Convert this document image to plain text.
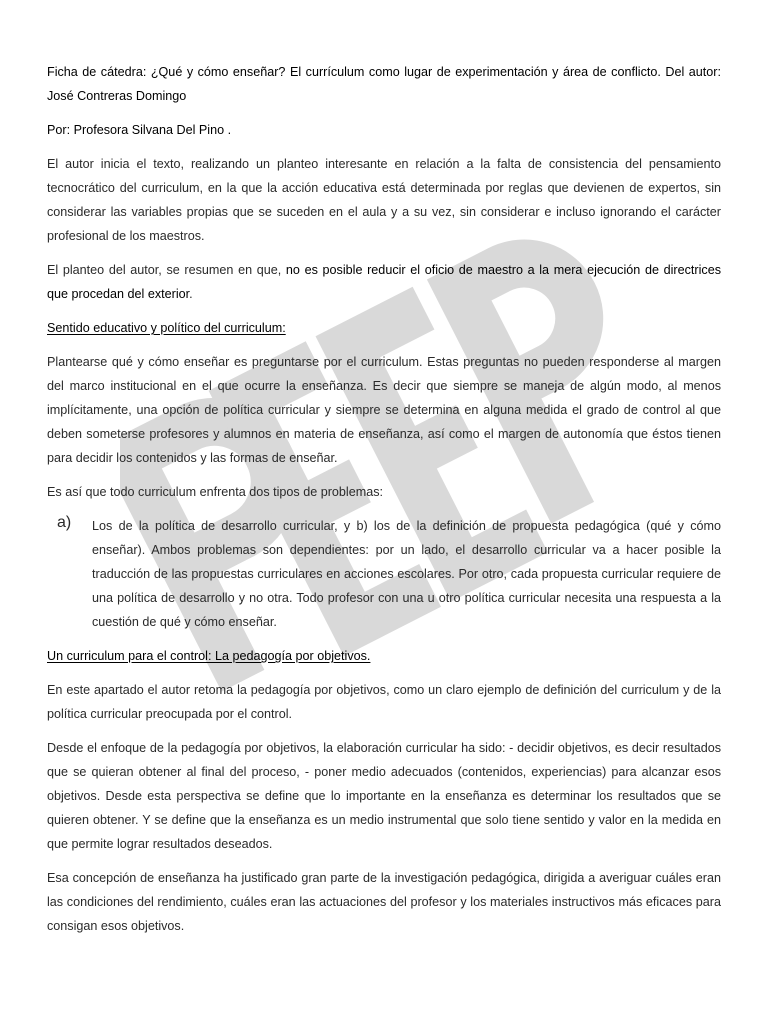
Ficha de cátedra: ¿Qué y cómo enseñar? El currículum como lugar de experimentación y área de conflicto. Del autor: José Contreras Domingo

Por: Profesora Silvana Del Pino .

El autor inicia el texto, realizando un planteo interesante en relación a la falta de consistencia del pensamiento tecnocrático del curriculum, en la que la acción educativa está determinada por reglas que devienen de expertos, sin considerar las variables propias que se suceden en el aula y a su vez, sin considerar e incluso ignorando el carácter profesional de los maestros.

El planteo del autor, se resumen en que, no es posible reducir el oficio de maestro a la mera ejecución de directrices que procedan del exterior.

Sentido educativo y político del curriculum:

Plantearse qué y cómo enseñar es preguntarse por el curriculum. Estas preguntas no pueden responderse al margen del marco institucional en el que ocurre la enseñanza. Es decir que siempre se maneja de algún modo, al menos implícitamente, una opción de política curricular y siempre se determina en alguna medida el grado de control al que deben someterse profesores y alumnos en materia de enseñanza, así como el margen de autonomía que éstos tienen para decidir los contenidos y las formas de enseñar.

Es así que todo curriculum enfrenta dos tipos de problemas:

a)	Los de la política de desarrollo curricular, y b) los de la definición de propuesta pedagógica (qué y cómo enseñar). Ambos problemas son dependientes: por un lado, el desarrollo curricular va a hacer posible la traducción de las propuestas curriculares en acciones escolares. Por otro, cada propuesta curricular requiere de una política de desarrollo y no otra. Todo profesor con una u otro política curricular necesita una respuesta a la cuestión de qué y cómo enseñar.

Un curriculum para el control: La pedagogía por objetivos.

En este apartado el autor retoma la pedagogía por objetivos, como un claro ejemplo de definición del curriculum y de la política curricular preocupada por el control.

Desde el enfoque de la pedagogía por objetivos, la elaboración curricular ha sido: - decidir objetivos, es decir resultados que se quieran obtener al final del proceso, - poner medio adecuados (contenidos, experiencias) para alcanzar esos objetivos. Desde esta perspectiva se define que lo importante en la enseñanza es determinar los resultados que se quieren obtener. Y se define que la enseñanza es un medio instrumental que solo tiene sentido y valor en la medida en que permite lograr resultados deseados.

Esa concepción de enseñanza ha justificado gran parte de la investigación pedagógica, dirigida a averiguar cuáles eran las condiciones del rendimiento, cuáles eran las actuaciones del profesor y los materiales instructivos más eficaces para consigan esos objetivos.
